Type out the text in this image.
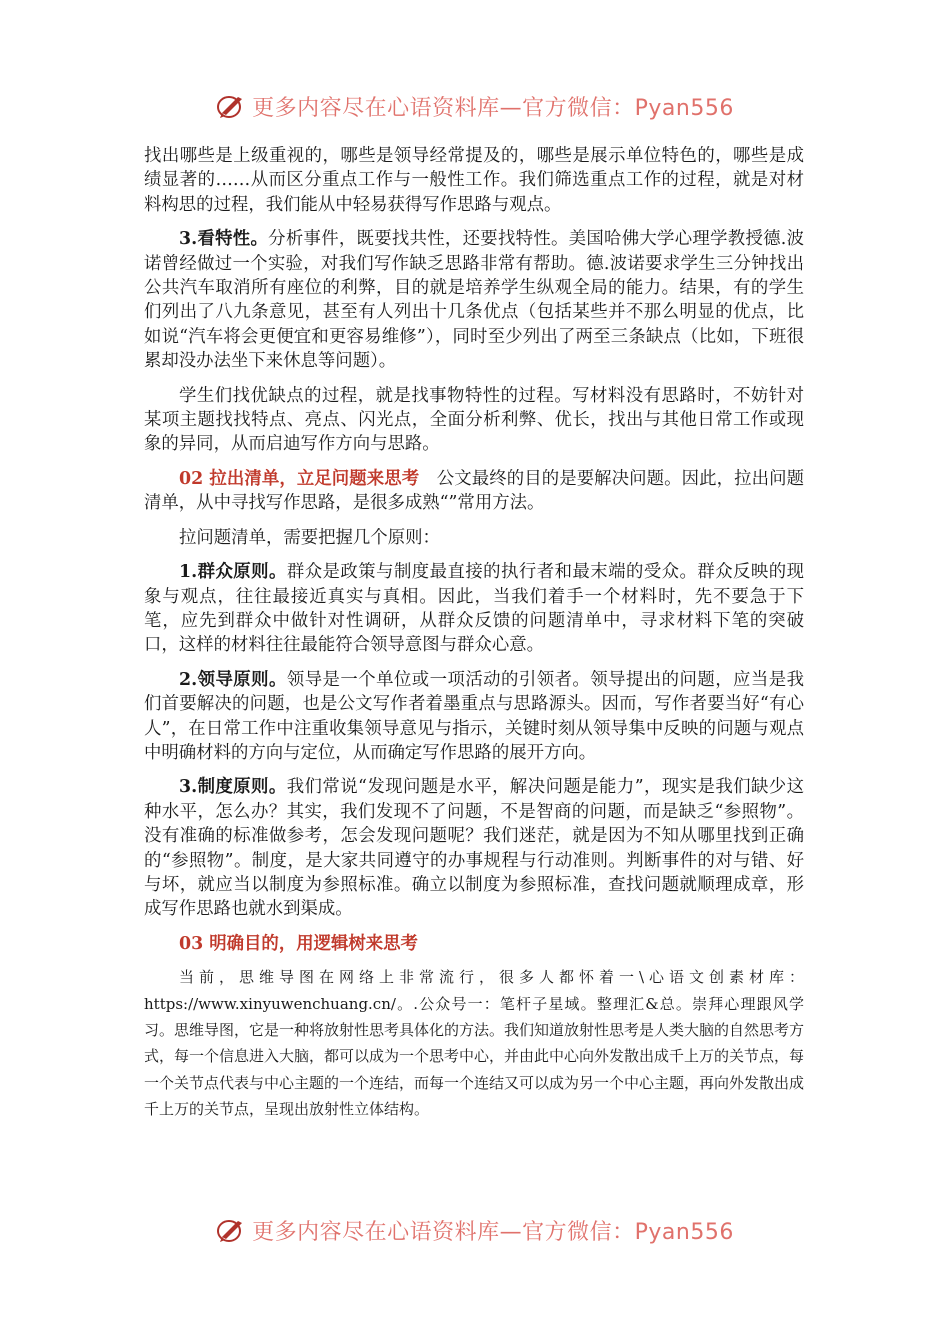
更多内容尽在心语资料库—官方微信：Pyan556

找出哪些是上级重视的，哪些是领导经常提及的，哪些是展示单位特色的，哪些是成绩显著的……从而区分重点工作与一般性工作。我们筛选重点工作的过程，就是对材料构思的过程，我们能从中轻易获得写作思路与观点。

3.看特性。分析事件，既要找共性，还要找特性。美国哈佛大学心理学教授德.波诺曾经做过一个实验，对我们写作缺乏思路非常有帮助。德.波诺要求学生三分钟找出公共汽车取消所有座位的利弊，目的就是培养学生纵观全局的能力。结果，有的学生们列出了八九条意见，甚至有人列出十几条优点（包括某些并不那么明显的优点，比如说“汽车将会更便宜和更容易维修”），同时至少列出了两至三条缺点（比如，下班很累却没办法坐下来休息等问题）。

学生们找优缺点的过程，就是找事物特性的过程。写材料没有思路时，不妨针对某项主题找找特点、亮点、闪光点，全面分析利弊、优长，找出与其他日常工作或现象的异同，从而启迪写作方向与思路。

02 拉出清单，立足问题来思考　公文最终的目的是要解决问题。因此，拉出问题清单，从中寻找写作思路，是很多成熟“”常用方法。

拉问题清单，需要把握几个原则：

1.群众原则。群众是政策与制度最直接的执行者和最末端的受众。群众反映的现象与观点，往往最接近真实与真相。因此，当我们着手一个材料时，先不要急于下笔，应先到群众中做针对性调研，从群众反馈的问题清单中，寻求材料下笔的突破口，这样的材料往往最能符合领导意图与群众心意。

2.领导原则。领导是一个单位或一项活动的引领者。领导提出的问题，应当是我们首要解决的问题，也是公文写作者着墨重点与思路源头。因而，写作者要当好“有心人”，在日常工作中注重收集领导意见与指示，关键时刻从领导集中反映的问题与观点中明确材料的方向与定位，从而确定写作思路的展开方向。

3.制度原则。我们常说“发现问题是水平，解决问题是能力”，现实是我们缺少这种水平，怎么办？其实，我们发现不了问题，不是智商的问题，而是缺乏“参照物”。没有准确的标准做参考，怎会发现问题呢？我们迷茫，就是因为不知从哪里找到正确的“参照物”。制度，是大家共同遵守的办事规程与行动准则。判断事件的对与错、好与坏，就应当以制度为参照标准。确立以制度为参照标准，查找问题就顺理成章，形成写作思路也就水到渠成。

03 明确目的，用逻辑树来思考

当前，思维导图在网络上非常流行，很多人都怀着一\心语文创素材库：https://www.xinyuwenchuang.cn/。.公众号一：笔杆子星域。整理汇&总。崇拜心理跟风学习。思维导图，它是一种将放射性思考具体化的方法。我们知道放射性思考是人类大脑的自然思考方式，每一个信息进入大脑，都可以成为一个思考中心，并由此中心向外发散出成千上万的关节点，每一个关节点代表与中心主题的一个连结，而每一个连结又可以成为另一个中心主题，再向外发散出成千上万的关节点，呈现出放射性立体结构。

更多内容尽在心语资料库—官方微信：Pyan556
